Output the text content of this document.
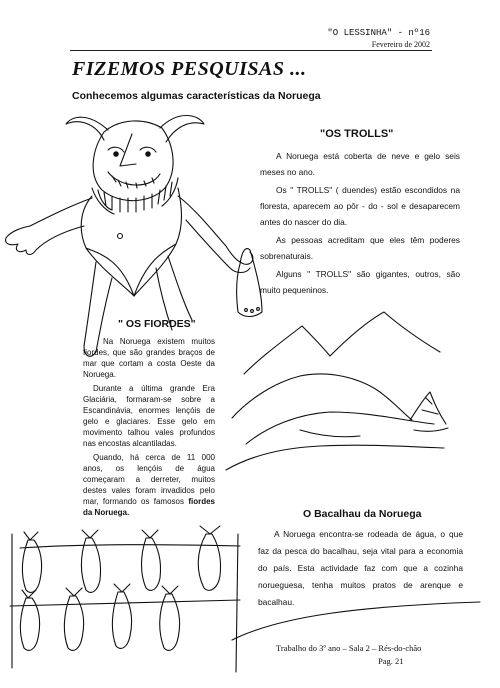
"O LESSINHA" - nº16
Fevereiro de 2002
FIZEMOS PESQUISAS ...
Conhecemos algumas características da Noruega
"OS TROLLS"

A Noruega está coberta de neve e gelo seis meses no ano.

Os " TROLLS" ( duendes) estão escondidos na floresta, aparecem ao pôr - do - sol e desaparecem antes do nascer do dia.

As pessoas acreditam que eles têm poderes sobrenaturais.

Alguns " TROLLS" são gigantes, outros, são muito pequeninos.

" OS FIORDES"

Na Noruega existem muitos fiordes, que são grandes braços de mar que cortam a costa Oeste da Noruega.

Durante a última grande Era Glaciária, formaram-se sobre a Escandinávia, enormes lençóis de gelo e glaciares. Esse gelo em movimento talhou vales profundos nas encostas alcantiladas.

Quando, há cerca de 11 000 anos, os lençóis de água começaram a derreter, muitos destes vales foram invadidos pelo mar, formando os famosos fiordes da Noruega.	O Bacalhau da Noruega

A Noruega encontra-se rodeada de água, o que faz da pesca do bacalhau, seja vital para a economia do país. Esta actividade faz com que a cozinha norueguesa, tenha muitos pratos de arenque e bacalhau.

Trabalho do 3º ano – Sala 2 – Rés-do-chão
Pag. 21
